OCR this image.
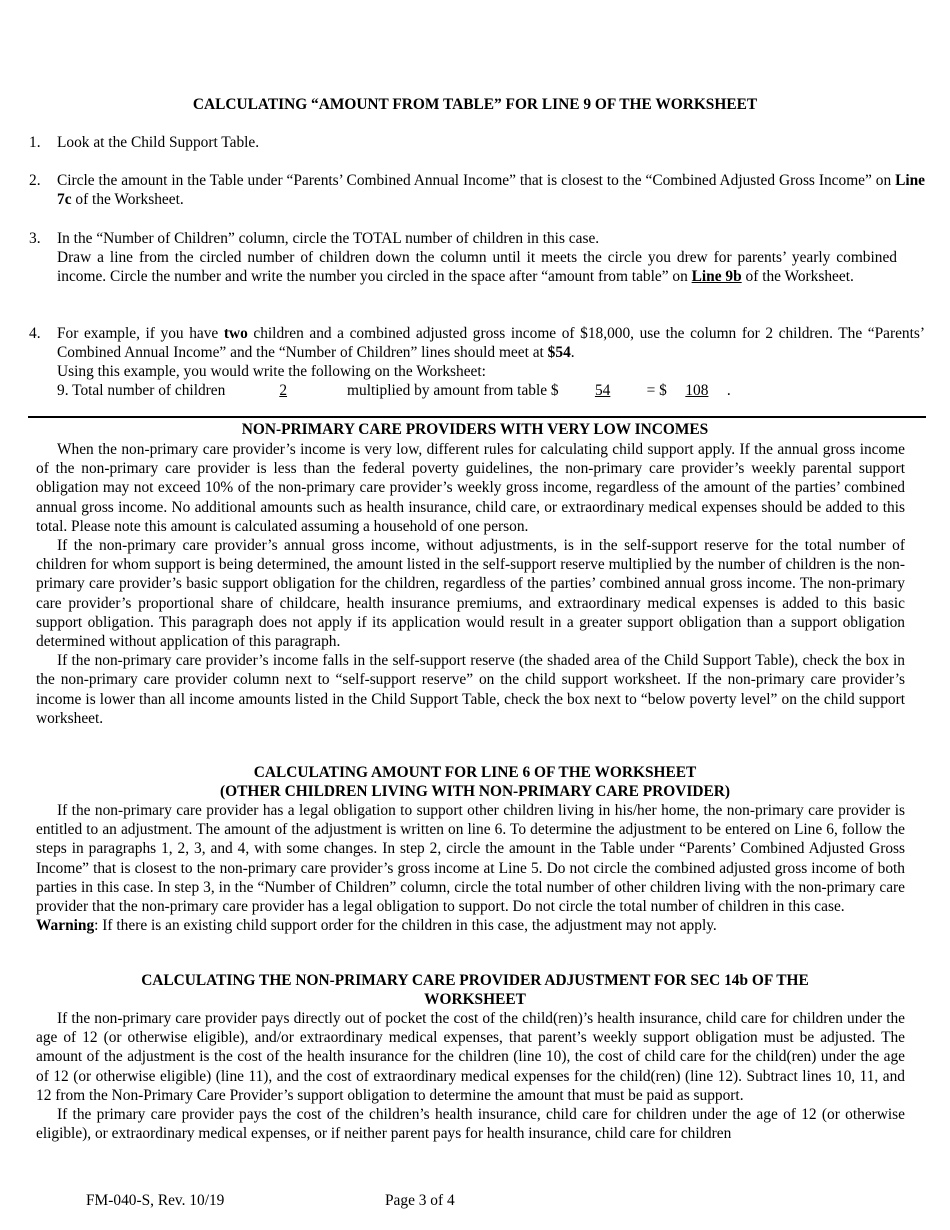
CALCULATING “AMOUNT FROM TABLE” FOR LINE 9 OF THE WORKSHEET
1. Look at the Child Support Table.
2. Circle the amount in the Table under “Parents’ Combined Annual Income” that is closest to the “Combined Adjusted Gross Income” on Line 7c of the Worksheet.
3. In the “Number of Children” column, circle the TOTAL number of children in this case.

Draw a line from the circled number of children down the column until it meets the circle you drew for parents’ yearly combined income. Circle the number and write the number you circled in the space after “amount from table” on Line 9b of the Worksheet.

4. For example, if you have two children and a combined adjusted gross income of $18,000, use the column for 2 children. The “Parents’ Combined Annual Income” and the “Number of Children” lines should meet at $54.

Using this example, you would write the following on the Worksheet:

9. Total number of children	2	multiplied by amount from table $ 54 = $ 108 .
NON-PRIMARY CARE PROVIDERS WITH VERY LOW INCOMES

When the non-primary care provider’s income is very low, different rules for calculating child support apply. If the annual gross income of the non-primary care provider is less than the federal poverty guidelines, the non-primary care provider’s weekly parental support obligation may not exceed 10% of the non-primary care provider’s weekly gross income, regardless of the amount of the parties’ combined annual gross income. No additional amounts such as health insurance, child care, or extraordinary medical expenses should be added to this total. Please note this amount is calculated assuming a household of one person.

If the non-primary care provider’s annual gross income, without adjustments, is in the self-support reserve for the total number of children for whom support is being determined, the amount listed in the self-support reserve multiplied by the number of children is the non-primary care provider’s basic support obligation for the children, regardless of the parties’ combined annual gross income. The non-primary care provider’s proportional share of childcare, health insurance premiums, and extraordinary medical expenses is added to this basic support obligation. This paragraph does not apply if its application would result in a greater support obligation than a support obligation determined without application of this paragraph.

If the non-primary care provider’s income falls in the self-support reserve (the shaded area of the Child Support Table), check the box in the non-primary care provider column next to “self-support reserve” on the child support worksheet. If the non-primary care provider’s income is lower than all income amounts listed in the Child Support Table, check the box next to “below poverty level” on the child support worksheet.

CALCULATING AMOUNT FOR LINE 6 OF THE WORKSHEET

(OTHER CHILDREN LIVING WITH NON-PRIMARY CARE PROVIDER)

If the non-primary care provider has a legal obligation to support other children living in his/her home, the non-primary care provider is entitled to an adjustment. The amount of the adjustment is written on line 6. To determine the adjustment to be entered on Line 6, follow the steps in paragraphs 1, 2, 3, and 4, with some changes. In step 2, circle the amount in the Table under “Parents’ Combined Adjusted Gross Income” that is closest to the non-primary care provider’s gross income at Line 5. Do not circle the combined adjusted gross income of both parties in this case. In step 3, in the “Number of Children” column, circle the total number of other children living with the non-primary care provider that the non-primary care provider has a legal obligation to support. Do not circle the total number of children in this case.

Warning: If there is an existing child support order for the children in this case, the adjustment may not apply.

CALCULATING THE NON-PRIMARY CARE PROVIDER ADJUSTMENT FOR SEC 14b OF THE

WORKSHEET

If the non-primary care provider pays directly out of pocket the cost of the child(ren)’s health insurance, child care for children under the age of 12 (or otherwise eligible), and/or extraordinary medical expenses, that parent’s weekly support obligation must be adjusted. The amount of the adjustment is the cost of the health insurance for the children (line 10), the cost of child care for the child(ren) under the age of 12 (or otherwise eligible) (line 11), and the cost of extraordinary medical expenses for the child(ren) (line 12). Subtract lines 10, 11, and 12 from the Non-Primary Care Provider’s support obligation to determine the amount that must be paid as support.

If the primary care provider pays the cost of the children’s health insurance, child care for children under the age of 12 (or otherwise eligible), or extraordinary medical expenses, or if neither parent pays for health insurance, child care for children

FM-040-S, Rev. 10/19	Page 3 of 4
